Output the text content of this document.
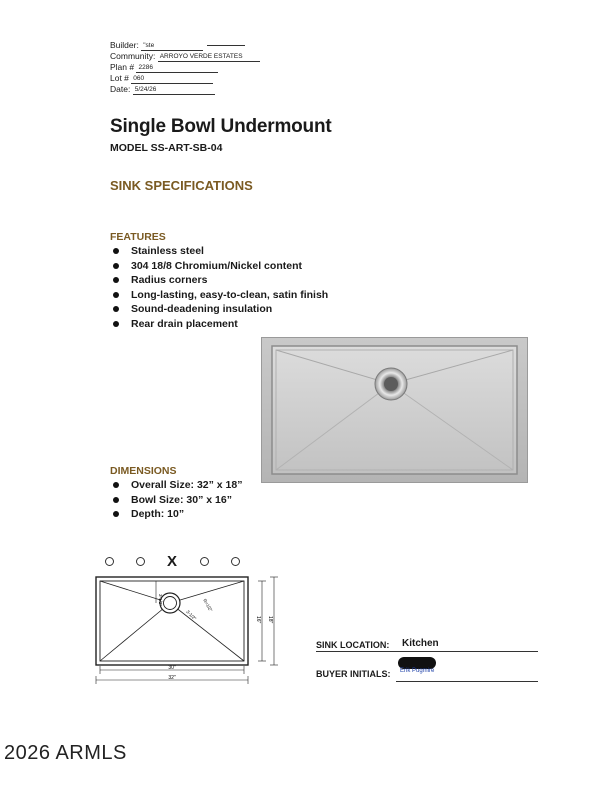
Builder: "ste
Community: ARROYO VERDE ESTATES
Plan # 2286
Lot # 060
Date: 5/24/26
Single Bowl Undermount
MODEL SS-ART-SB-04
SINK SPECIFICATIONS
FEATURES
Stainless steel
304 18/8 Chromium/Nickel content
Radius corners
Long-lasting, easy-to-clean, satin finish
Sound-deadening insulation
Rear drain placement
DIMENSIONS
Overall Size: 32” x 18”
Bowl Size: 30” x 16”
Depth: 10”
X
3-1/2"	R=1/2"
3-1/2"
30"
32"
16" 18"
SINK LOCATION: Kitchen
BUYER INITIALS: Erik Pugmire
2026 ARMLS
